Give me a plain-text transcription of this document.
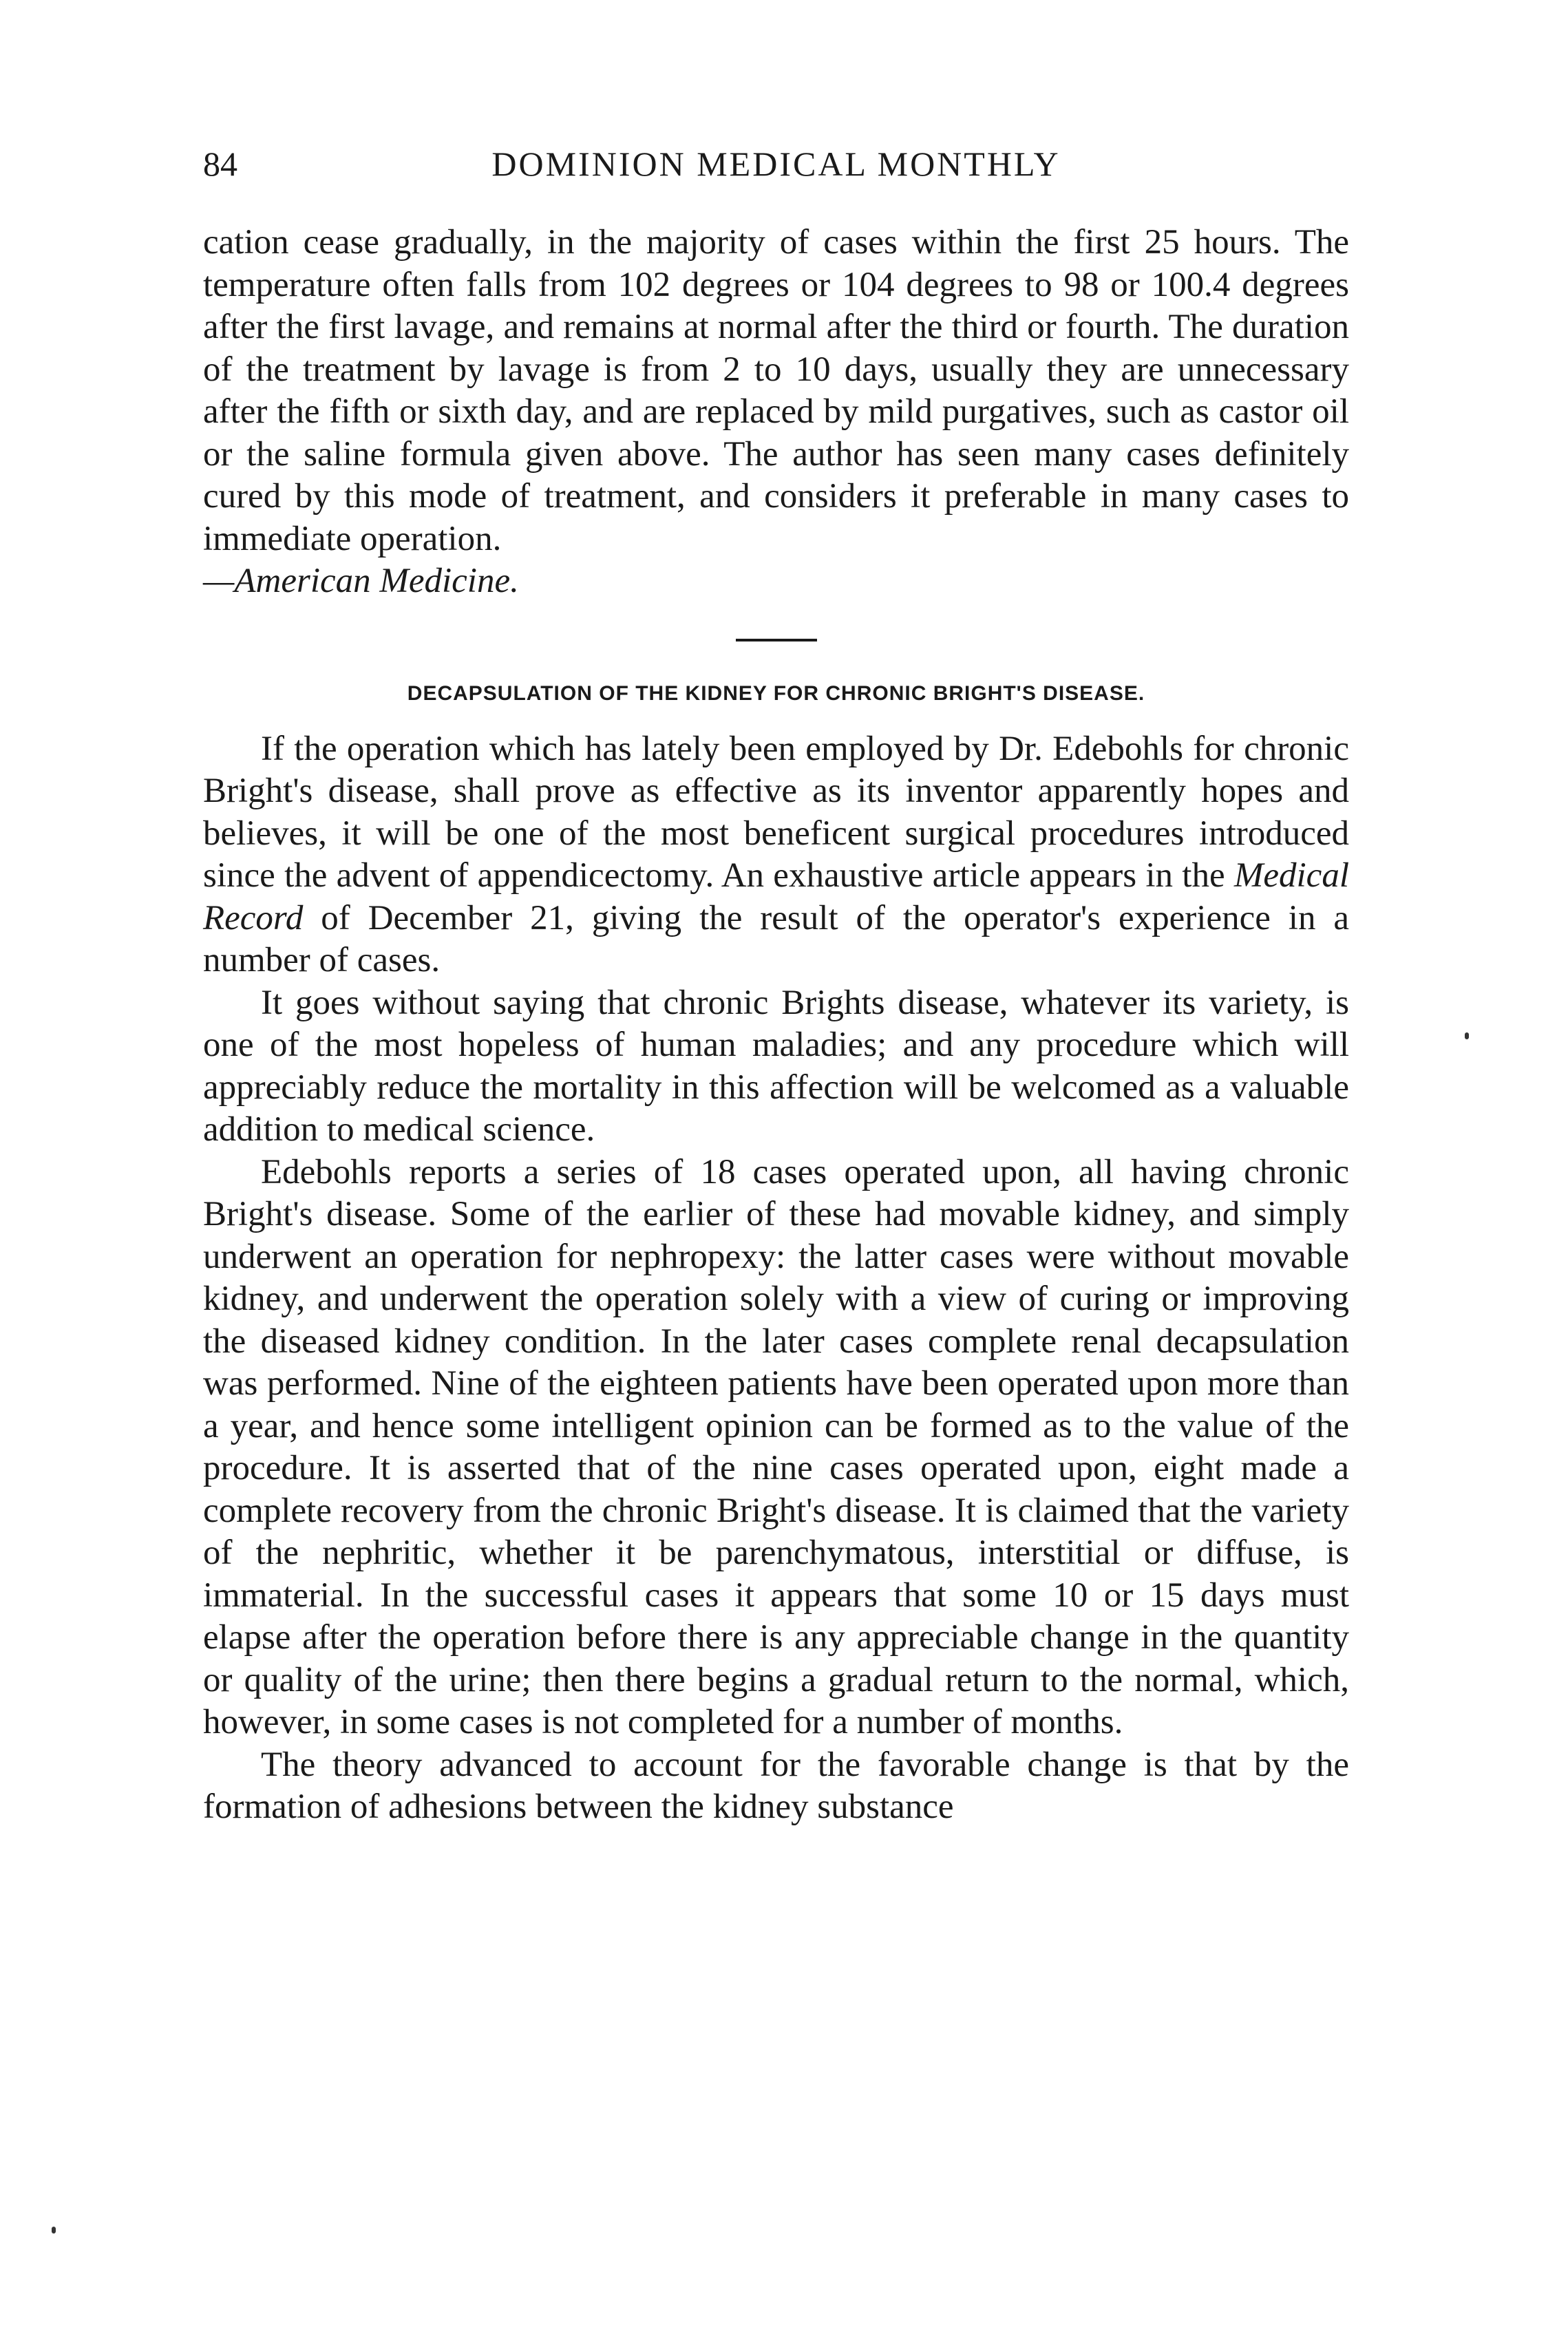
84	DOMINION MEDICAL MONTHLY

cation cease gradually, in the majority of cases within the first 25 hours. The temperature often falls from 102 degrees or 104 degrees to 98 or 100.4 degrees after the first lavage, and remains at normal after the third or fourth. The duration of the treatment by lavage is from 2 to 10 days, usually they are unnecessary after the fifth or sixth day, and are replaced by mild purgatives, such as castor oil or the saline formula given above. The author has seen many cases definitely cured by this mode of treatment, and considers it preferable in many cases to immediate operation.
—American Medicine.

DECAPSULATION OF THE KIDNEY FOR CHRONIC BRIGHT'S DISEASE.

If the operation which has lately been employed by Dr. Edebohls for chronic Bright's disease, shall prove as effective as its inventor apparently hopes and believes, it will be one of the most beneficent surgical procedures introduced since the advent of appendicectomy. An exhaustive article appears in the Medical Record of December 21, giving the result of the operator's experience in a number of cases.

It goes without saying that chronic Brights disease, whatever its variety, is one of the most hopeless of human maladies; and any procedure which will appreciably reduce the mortality in this affection will be welcomed as a valuable addition to medical science.

Edebohls reports a series of 18 cases operated upon, all having chronic Bright's disease. Some of the earlier of these had movable kidney, and simply underwent an operation for nephropexy: the latter cases were without movable kidney, and underwent the operation solely with a view of curing or improving the diseased kidney condition. In the later cases complete renal decapsulation was performed. Nine of the eighteen patients have been operated upon more than a year, and hence some intelligent opinion can be formed as to the value of the procedure. It is asserted that of the nine cases operated upon, eight made a complete recovery from the chronic Bright's disease. It is claimed that the variety of the nephritic, whether it be parenchymatous, interstitial or diffuse, is immaterial. In the successful cases it appears that some 10 or 15 days must elapse after the operation before there is any appreciable change in the quantity or quality of the urine; then there begins a gradual return to the normal, which, however, in some cases is not completed for a number of months.

The theory advanced to account for the favorable change is that by the formation of adhesions between the kidney substance
